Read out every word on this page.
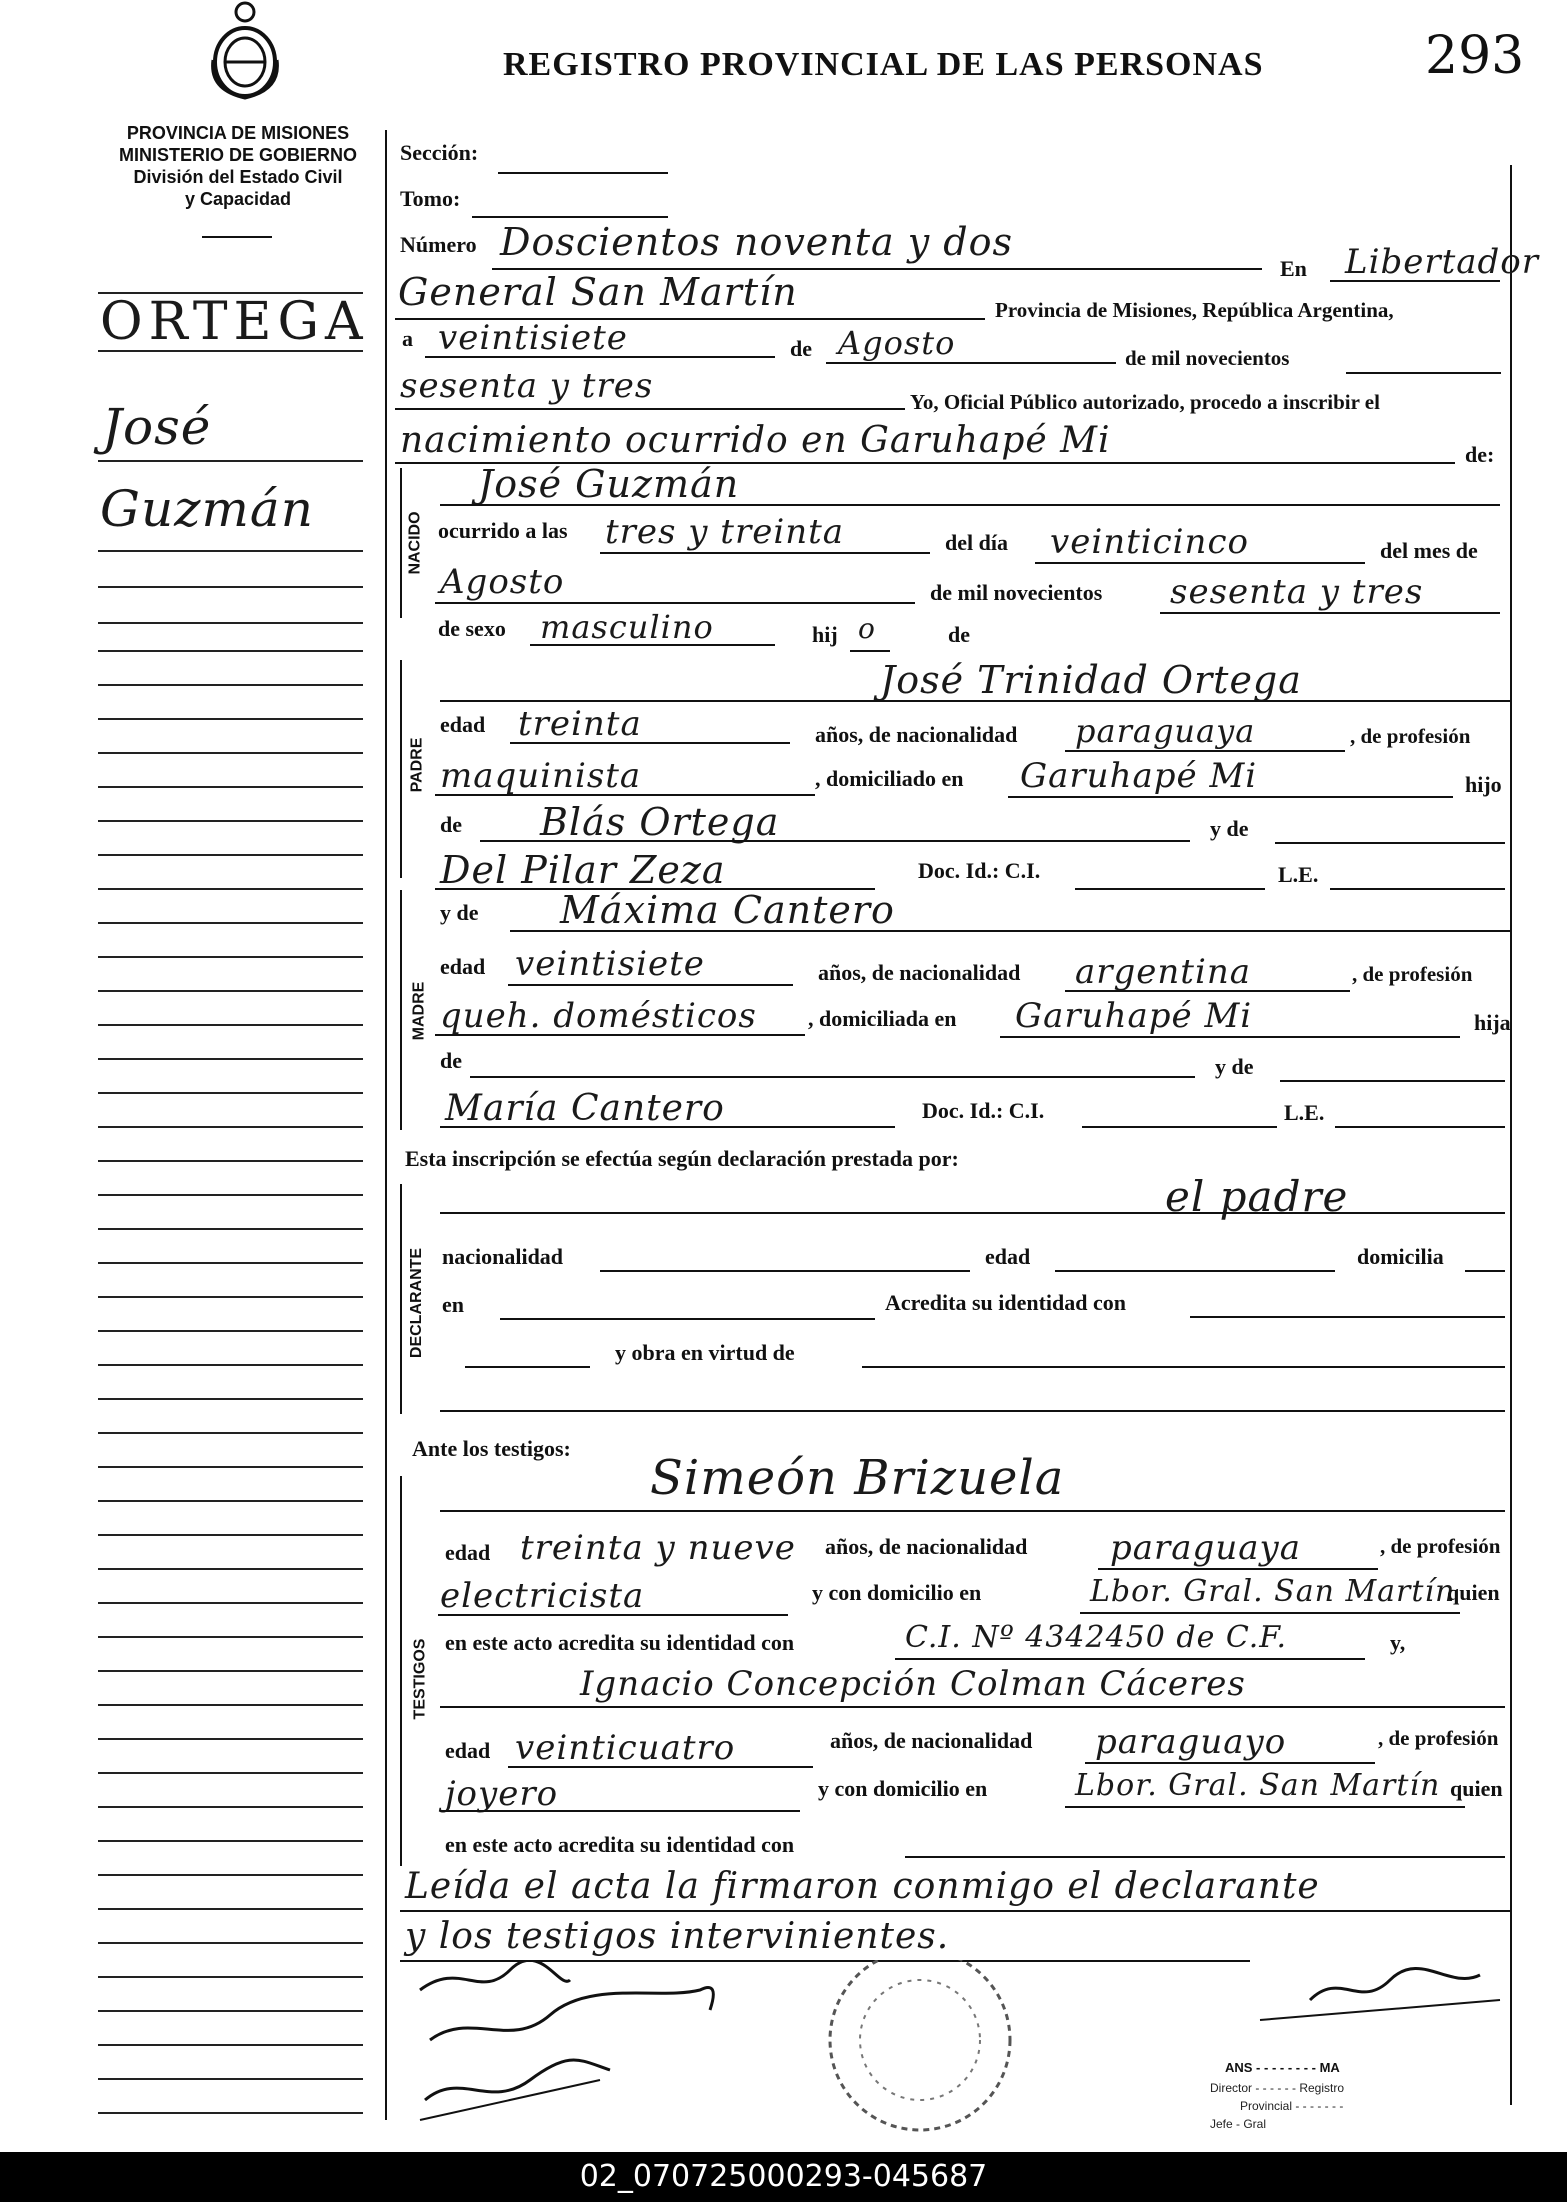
PROVINCIA DE MISIONES
MINISTERIO DE GOBIERNO
División del Estado Civil
y Capacidad
REGISTRO PROVINCIAL DE LAS PERSONAS	293
ORTEGA
José
Guzmán
Sección:
Tomo:
Número Doscientos noventa y dos
En Libertador
General San Martín	Provincia de Misiones, República Argentina,
a veintisiete	de Agosto	de mil novecientos
sesenta y tres	Yo, Oficial Público autorizado, procedo a inscribir el
nacimiento ocurrido en Garuhapé Mi	de:
NACIDO
José Guzmán
ocurrido a las tres y treinta	del día veinticinco	del mes de
Agosto	de mil novecientos sesenta y tres
de sexo masculino	hij o	de
PADRE
José Trinidad Ortega
edad treinta	años, de nacionalidad paraguaya	, de profesión
maquinista	, domiciliado en Garuhapé Mi	hijo
de Blás Ortega	y de
Del Pilar Zeza	Doc. Id.: C.I.	L.E.
MADRE
y de Máxima Cantero
edad veintisiete	años, de nacionalidad argentina	, de profesión
queh. domésticos , domiciliada en Garuhapé Mi	hija
de	y de
María Cantero	Doc. Id.: C.I.	L.E.
Esta inscripción se efectúa según declaración prestada por:
DECLARANTE
el padre
nacionalidad	edad	domicilia
en	Acredita su identidad con
y obra en virtud de
Ante los testigos:
TESTIGOS
Simeón Brizuela
edad treinta y nueve años, de nacionalidad paraguaya	, de profesión
electricista	y con domicilio en	Lbor. Gral. San Martín
quien
en este acto acredita su identidad con	C.I. Nº 4342450 de C.F.	y,
Ignacio Concepción Colman Cáceres
edad veinticuatro	años, de nacionalidad paraguayo	, de profesión
joyero	y con domicilio en	Lbor. Gral. San Martín quien
en este acto acredita su identidad con
Leída el acta la firmaron conmigo el declarante
y los testigos intervinientes.
ANS - - - - - - - - MA
Director - - - - - - Registro
Provincial - - - - - - -
Jefe - Gral
02_070725000293-045687
